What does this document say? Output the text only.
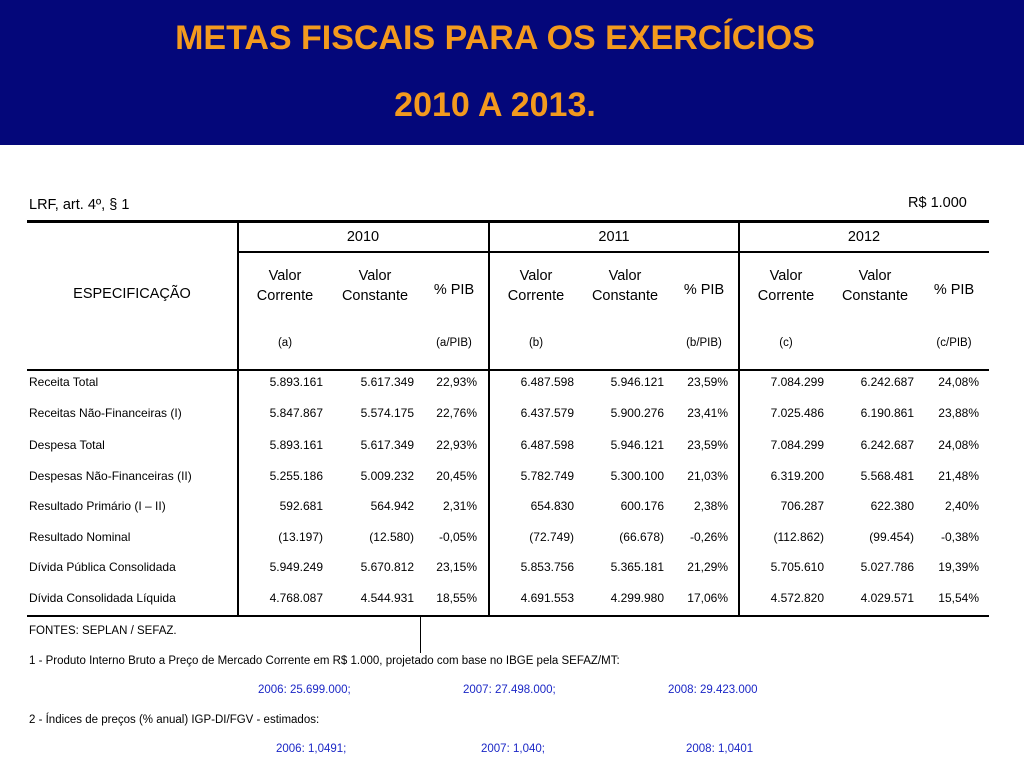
METAS FISCAIS PARA OS EXERCÍCIOS
2010 A 2013.
LRF, art. 4º, § 1	R$ 1.000
ESPECIFICAÇÃO
2010	2011	2012
Valor
Corrente
Valor
Constante	% PIB
Valor
Corrente
Valor
Constante	% PIB
Valor
Corrente
Valor
Constante	% PIB
(a)	(a/PIB)	(b)	(b/PIB)	(c)	(c/PIB)
Receita Total	5.893.161	5.617.349 22,93%	6.487.598	5.946.121 23,59%	7.084.299	6.242.687 24,08%
Receitas Não-Financeiras (I)	5.847.867	5.574.175 22,76%	6.437.579	5.900.276 23,41%	7.025.486	6.190.861 23,88%
Despesa Total	5.893.161	5.617.349 22,93%	6.487.598	5.946.121 23,59%	7.084.299	6.242.687 24,08%
Despesas Não-Financeiras (II)	5.255.186	5.009.232 20,45%	5.782.749	5.300.100 21,03%	6.319.200	5.568.481 21,48%
Resultado Primário (I – II)	592.681	564.942 2,31%	654.830	600.176 2,38%	706.287	622.380	2,40%
Resultado Nominal	(13.197)	(12.580) -0,05%	(72.749)	(66.678) -0,26%	(112.862)	(99.454) -0,38%
Dívida Pública Consolidada	5.949.249	5.670.812 23,15%	5.853.756	5.365.181 21,29%	5.705.610	5.027.786 19,39%
Dívida Consolidada Líquida	4.768.087	4.544.931 18,55%	4.691.553	4.299.980 17,06%	4.572.820	4.029.571 15,54%
FONTES: SEPLAN / SEFAZ.
1 - Produto Interno Bruto a Preço de Mercado Corrente em R$ 1.000, projetado com base no IBGE pela SEFAZ/MT:
2006: 25.699.000;	2007: 27.498.000;	2008: 29.423.000
2 - Índices de preços (% anual) IGP-DI/FGV - estimados:
2006: 1,0491;	2007: 1,040;	2008: 1,0401
